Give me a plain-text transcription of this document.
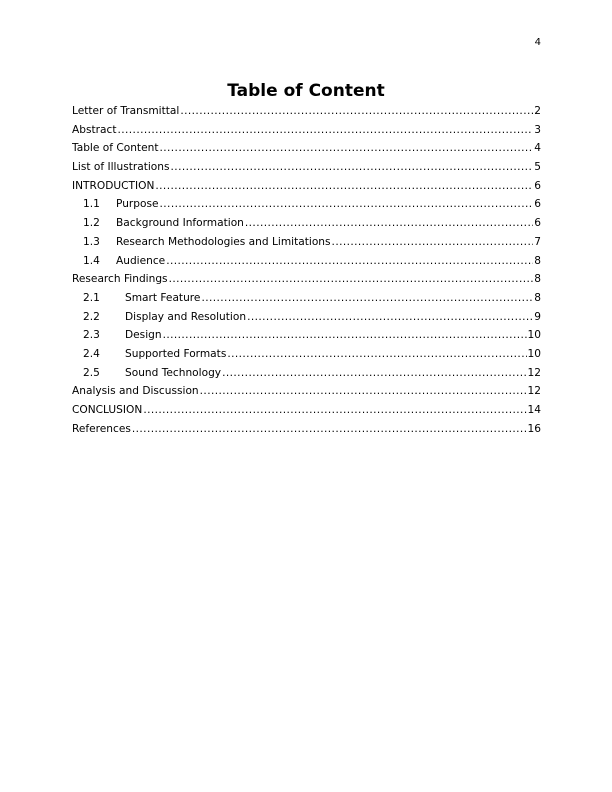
4
Table of Content
Letter of Transmittal .....	2
Abstract .....	3
Table of Content .....	4
List of Illustrations .....	5
INTRODUCTION .....	6
1.1	Purpose .....	6
1.2	Background Information .....	6
1.3	Research Methodologies and Limitations .....	7
1.4	Audience .....	8
Research Findings .....	8
2.1	Smart Feature .....	8
2.2	Display and Resolution .....	9
2.3	Design .....	10
2.4	Supported Formats .....	10
2.5	Sound Technology .....	12
Analysis and Discussion .....	12
CONCLUSION .....	14
References .....	16
